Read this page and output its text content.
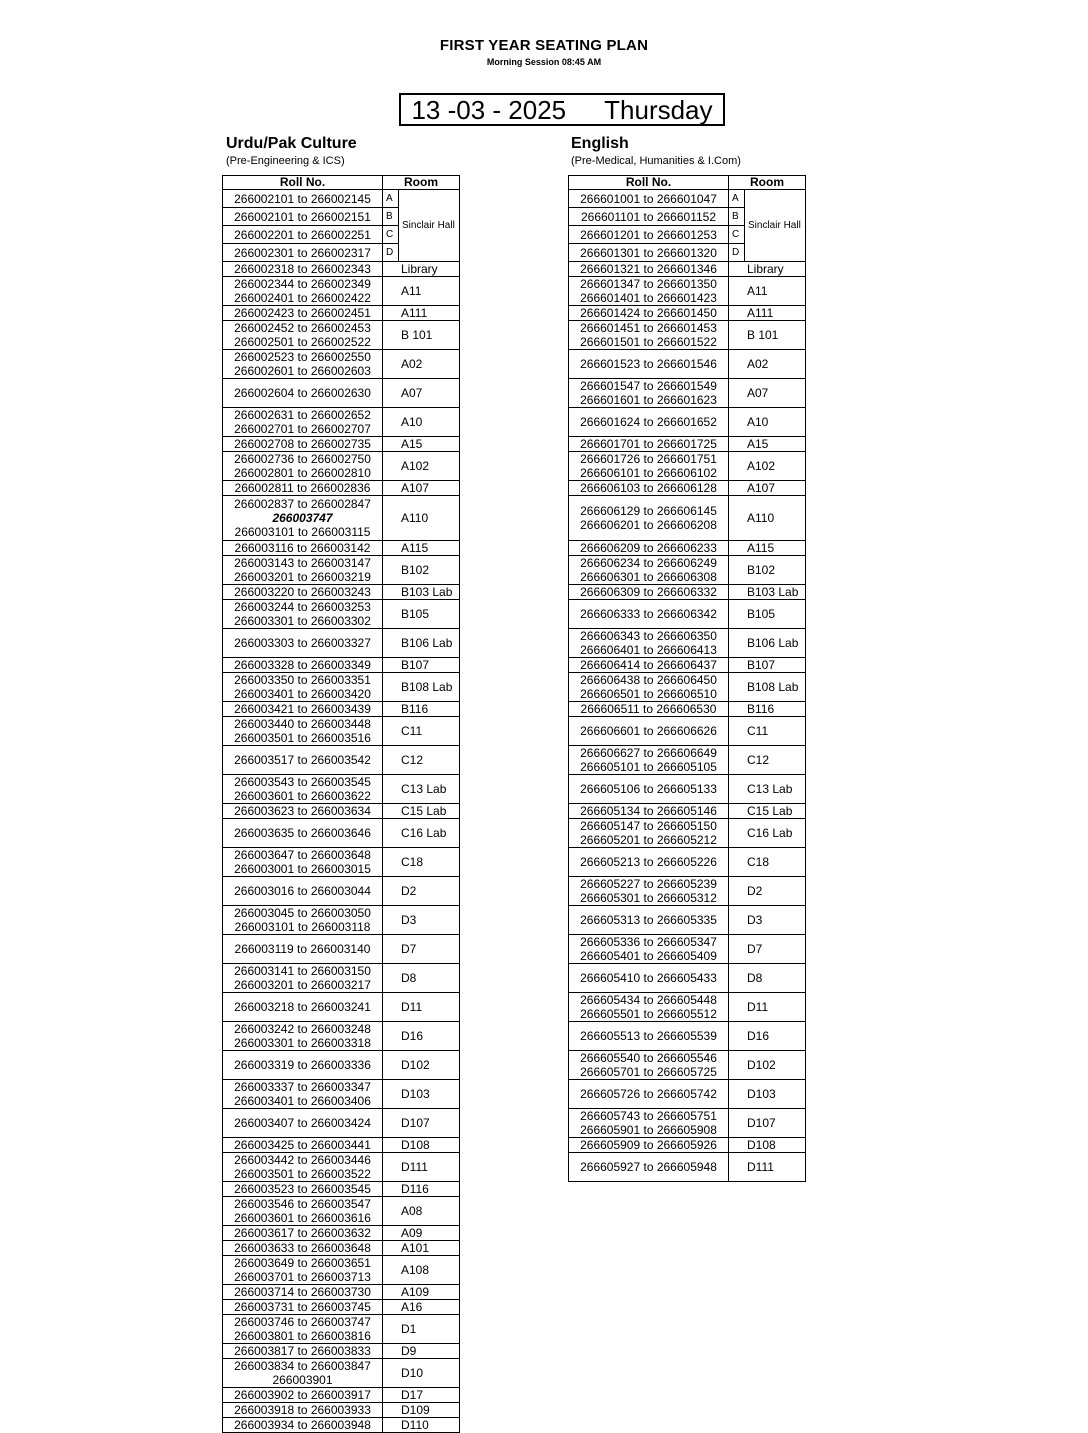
FIRST YEAR SEATING PLAN
Morning Session 08:45 AM
13 -03 - 2025 Thursday
Urdu/Pak Culture
(Pre-Engineering & ICS)
Roll No.	Room	
266002101 to 266002145	A	Sinclair Hall
266002101 to 266002151	B	
266002201 to 266002251	C	
266002301 to 266002317	D	

266002318 to 266002343	Library	

266002344 to 266002349
266002401 to 266002422	A11	

266002423 to 266002451	A111	

266002452 to 266002453
266002501 to 266002522	B 101	

266002523 to 266002550
266002601 to 266002603	A02	

266002604 to 266002630	A07	

266002631 to 266002652
266002701 to 266002707	A10	

266002708 to 266002735	A15	

266002736 to 266002750
266002801 to 266002810	A102	

266002811 to 266002836	A107	

266002837 to 266002847
266003747
266003101 to 266003115	A110	

266003116 to 266003142	A115	

266003143 to 266003147
266003201 to 266003219	B102	

266003220 to 266003243	B103 Lab	

266003244 to 266003253
266003301 to 266003302	B105	

266003303 to 266003327	B106 Lab	

266003328 to 266003349	B107	

266003350 to 266003351
266003401 to 266003420	B108 Lab	

266003421 to 266003439	B116	

266003440 to 266003448
266003501 to 266003516	C11	

266003517 to 266003542	C12	

266003543 to 266003545
266003601 to 266003622	C13 Lab	

266003623 to 266003634	C15 Lab	

266003635 to 266003646	C16 Lab	

266003647 to 266003648
266003001 to 266003015	C18	

266003016 to 266003044	D2	

266003045 to 266003050
266003101 to 266003118	D3	

266003119 to 266003140	D7	

266003141 to 266003150
266003201 to 266003217	D8	

266003218 to 266003241	D11	

266003242 to 266003248
266003301 to 266003318	D16	

266003319 to 266003336	D102	

266003337 to 266003347
266003401 to 266003406	D103	

266003407 to 266003424	D107	

266003425 to 266003441	D108	

266003442 to 266003446
266003501 to 266003522	D111	

266003523 to 266003545	D116	

266003546 to 266003547
266003601 to 266003616	A08	

266003617 to 266003632	A09	

266003633 to 266003648	A101	

266003649 to 266003651
266003701 to 266003713	A108	

266003714 to 266003730	A109	

266003731 to 266003745	A16	

266003746 to 266003747
266003801 to 266003816	D1	

266003817 to 266003833	D9	

266003834 to 266003847
266003901	D10	

266003902 to 266003917	D17	

266003918 to 266003933	D109	

266003934 to 266003948	D110	
English
(Pre-Medical, Humanities & I.Com)
Roll No.	Room	
266601001 to 266601047	A	Sinclair Hall
266601101 to 266601152	B	
266601201 to 266601253	C	
266601301 to 266601320	D	

266601321 to 266601346	Library	

266601347 to 266601350
266601401 to 266601423	A11	

266601424 to 266601450	A111	

266601451 to 266601453
266601501 to 266601522	B 101	

266601523 to 266601546	A02	

266601547 to 266601549
266601601 to 266601623	A07	

266601624 to 266601652	A10	

266601701 to 266601725	A15	

266601726 to 266601751
266606101 to 266606102	A102	

266606103 to 266606128	A107	

266606129 to 266606145
266606201 to 266606208	A110	

266606209 to 266606233	A115	

266606234 to 266606249
266606301 to 266606308	B102	

266606309 to 266606332	B103 Lab	

266606333 to 266606342	B105	

266606343 to 266606350
266606401 to 266606413	B106 Lab	

266606414 to 266606437	B107	

266606438 to 266606450
266606501 to 266606510	B108 Lab	

266606511 to 266606530	B116	

266606601 to 266606626	C11	

266606627 to 266606649
266605101 to 266605105	C12	

266605106 to 266605133	C13 Lab	

266605134 to 266605146	C15 Lab	

266605147 to 266605150
266605201 to 266605212	C16 Lab	

266605213 to 266605226	C18	

266605227 to 266605239
266605301 to 266605312	D2	

266605313 to 266605335	D3	

266605336 to 266605347
266605401 to 266605409	D7	

266605410 to 266605433	D8	

266605434 to 266605448
266605501 to 266605512	D11	

266605513 to 266605539	D16	

266605540 to 266605546
266605701 to 266605725	D102	

266605726 to 266605742	D103	

266605743 to 266605751
266605901 to 266605908	D107	

266605909 to 266605926	D108	

266605927 to 266605948	D111	
